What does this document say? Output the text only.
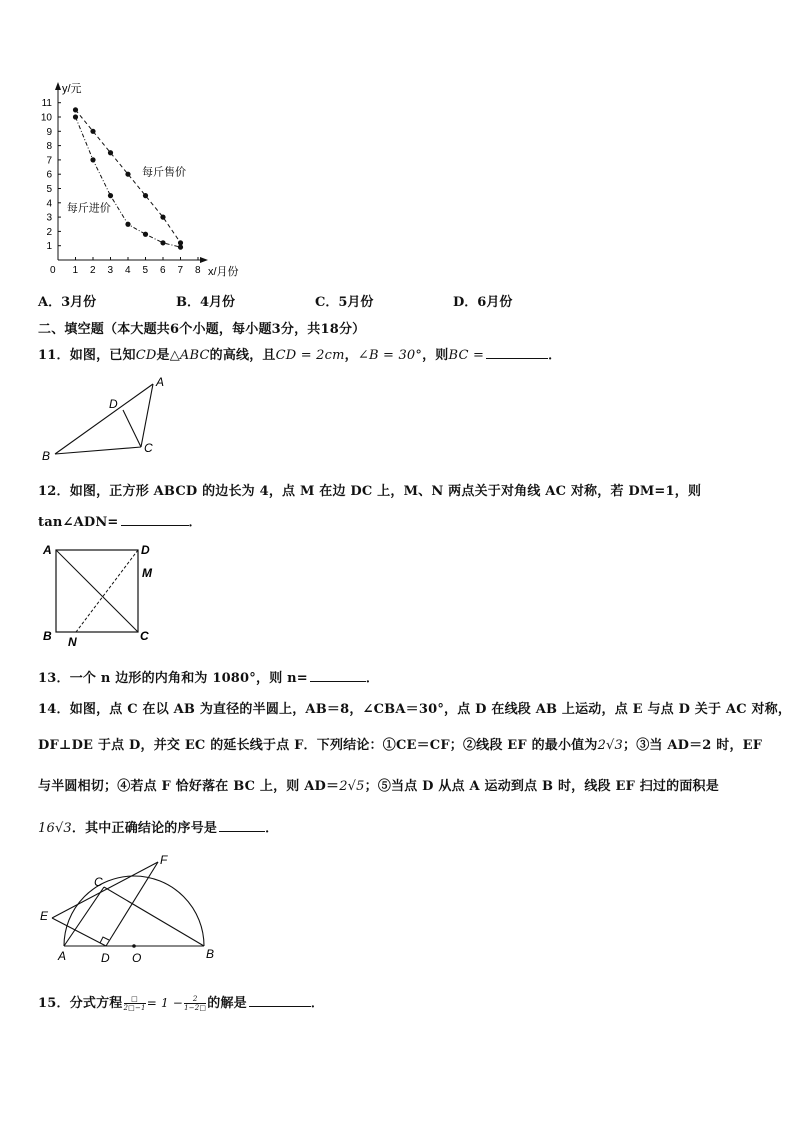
0 1 2 3 4 5 6 7 8
1
2
3
4
5
6
7
8
9
10
11
y/元
x/月份
每斤售价
每斤进价
A．3月份	B．4月份	C．5月份	D．6月份
二、填空题（本大题共6个小题，每小题3分，共18分）
11．如图，已知CD是△ABC的高线，且CD = 2cm，∠B = 30°，则BC =	．
A
B
C
D
12．如图，正方形 ABCD 的边长为 4，点 M 在边 DC 上，M、N 两点关于对角线 AC 对称，若 DM=1，则
tan∠ADN=	．
A	D
M
B	C
N
13．一个 n 边形的内角和为 1080°，则 n=	．
14．如图，点 C 在以 AB 为直径的半圆上，AB＝8，∠CBA＝30°，点 D 在线段 AB 上运动，点 E 与点 D 关于 AC 对称，
DF⊥DE 于点 D，并交 EC 的延长线于点 F．下列结论：①CE＝CF；②线段 EF 的最小值为2√3；③当 AD＝2 时，EF
与半圆相切；④若点 F 恰好落在 BC 上，则 AD＝2√5；⑤当点 D 从点 A 运动到点 B 时，线段 EF 扫过的面积是
16√3．其中正确结论的序号是	．
C
F
E
A	D O	B
15．分式方程 $\frac{□}{2□-1} = 1 - \frac{2}{1-2□}$ 的解是	．
